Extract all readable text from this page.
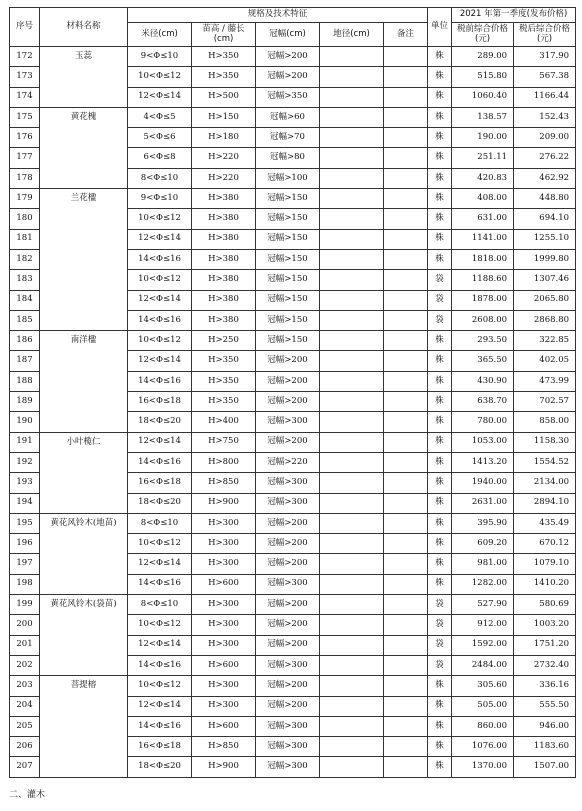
序号	材料名称	规格及技术特征					单位	2021 年第一季度(发布价格)	
		米径(cm)	苗高 / 藤长 (cm)	冠幅(cm)	地径(cm)	备注		税前综合价格(元)	税后综合价格(元)
172	玉蕊	9<Φ≤10	H>350	冠幅>200			株	289.00	317.90
173		10<Φ≤12	H>350	冠幅>200			株	515.80	567.38
174		12<Φ≤14	H>500	冠幅>350			株	1060.40	1166.44
175	黄花槐	4<Φ≤5	H>150	冠幅>60			株	138.57	152.43
176		5<Φ≤6	H>180	冠幅>70			株	190.00	209.00
177		6<Φ≤8	H>220	冠幅>80			株	251.11	276.22
178		8<Φ≤10	H>220	冠幅>100			株	420.83	462.92
179	兰花楹	9<Φ≤10	H>380	冠幅>150			株	408.00	448.80
180		10<Φ≤12	H>380	冠幅>150			株	631.00	694.10
181		12<Φ≤14	H>380	冠幅>150			株	1141.00	1255.10
182		14<Φ≤16	H>380	冠幅>150			株	1818.00	1999.80
183		10<Φ≤12	H>380	冠幅>150			袋	1188.60	1307.46
184		12<Φ≤14	H>380	冠幅>150			袋	1878.00	2065.80
185		14<Φ≤16	H>380	冠幅>150			袋	2608.00	2868.80
186	南洋楹	10<Φ≤12	H>250	冠幅>150			株	293.50	322.85
187		12<Φ≤14	H>350	冠幅>200			株	365.50	402.05
188		14<Φ≤16	H>350	冠幅>200			株	430.90	473.99
189		16<Φ≤18	H>350	冠幅>200			株	638.70	702.57
190		18<Φ≤20	H>400	冠幅>300			株	780.00	858.00
191	小叶榄仁	12<Φ≤14	H>750	冠幅>200			株	1053.00	1158.30
192		14<Φ≤16	H>800	冠幅>220			株	1413.20	1554.52
193		16<Φ≤18	H>850	冠幅>300			株	1940.00	2134.00
194		18<Φ≤20	H>900	冠幅>300			株	2631.00	2894.10
195	黄花风铃木(地苗)	8<Φ≤10	H>300	冠幅>200			株	395.90	435.49
196		10<Φ≤12	H>300	冠幅>200			株	609.20	670.12
197		12<Φ≤14	H>300	冠幅>200			株	981.00	1079.10
198		14<Φ≤16	H>600	冠幅>300			株	1282.00	1410.20
199	黄花风铃木(袋苗)	8<Φ≤10	H>300	冠幅>200			袋	527.90	580.69
200		10<Φ≤12	H>300	冠幅>200			袋	912.00	1003.20
201		12<Φ≤14	H>300	冠幅>200			袋	1592.00	1751.20
202		14<Φ≤16	H>600	冠幅>300			袋	2484.00	2732.40
203	菩提榕	10<Φ≤12	H>300	冠幅>200			株	305.60	336.16
204		12<Φ≤14	H>300	冠幅>200			株	505.00	555.50
205		14<Φ≤16	H>600	冠幅>300			株	860.00	946.00
206		16<Φ≤18	H>850	冠幅>300			株	1076.00	1183.60
207		18<Φ≤20	H>900	冠幅>300			株	1370.00	1507.00
二、灌木
